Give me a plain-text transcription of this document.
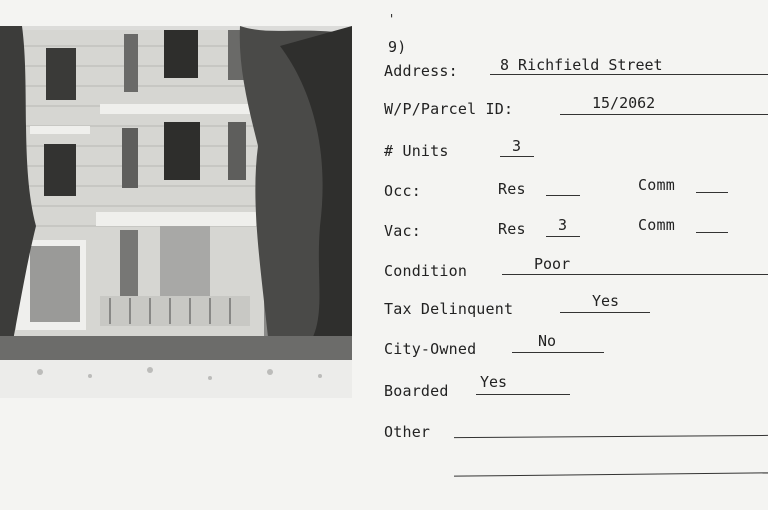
'
9)
Address:	8 Richfield Street
W/P/Parcel ID:	15/2062
# Units	3
Occ:	Res	Comm
Vac:	Res 3	Comm
Condition	Poor
Tax Delinquent	Yes
City-Owned	No
Boarded Yes
Other
